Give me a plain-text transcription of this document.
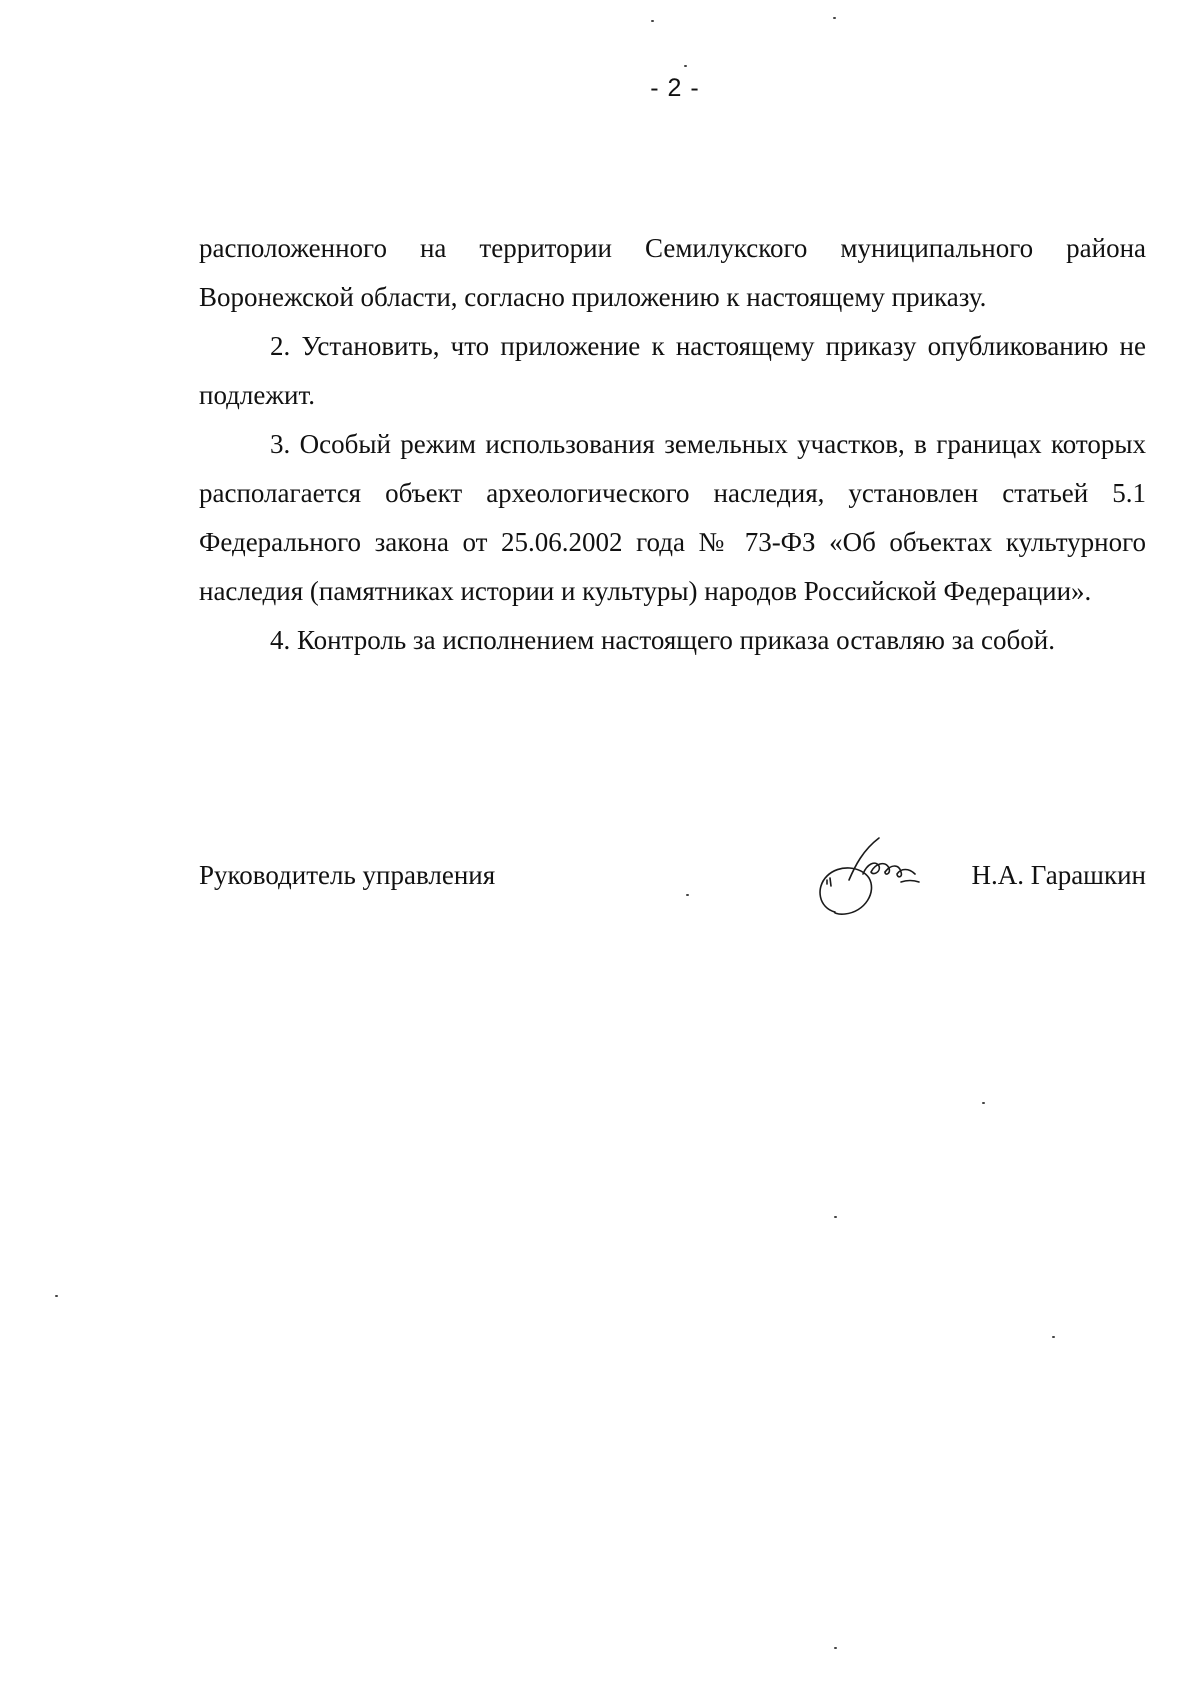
- 2 -

расположенного на территории Семилукского муниципального района Воронежской области, согласно приложению к настоящему приказу.

2. Установить, что приложение к настоящему приказу опубликованию не подлежит.

3. Особый режим использования земельных участков, в границах которых располагается объект археологического наследия, установлен статьей 5.1 Федерального закона от 25.06.2002 года № 73-ФЗ «Об объектах культурного наследия (памятниках истории и культуры) народов Российской Федерации».

4. Контроль за исполнением настоящего приказа оставляю за собой.

Руководитель управления	Н.А. Гарашкин
